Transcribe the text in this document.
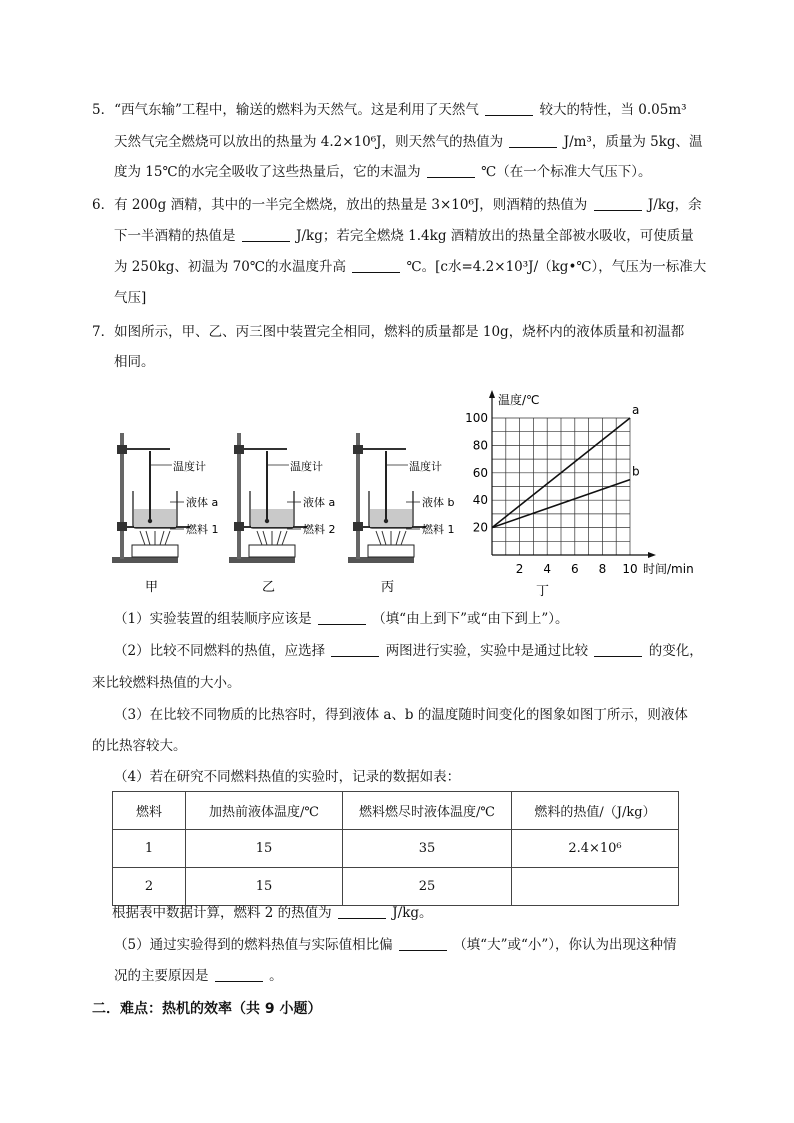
5．“西气东输”工程中，输送的燃料为天然气。这是利用了天然气	较大的特性，当 0.05m³
天然气完全燃烧可以放出的热量为 4.2×10⁶J，则天然气的热值为	J/m³，质量为 5kg、温
度为 15℃的水完全吸收了这些热量后，它的末温为	℃（在一个标准大气压下）。
6．有 200g 酒精，其中的一半完全燃烧，放出的热量是 3×10⁶J，则酒精的热值为	J/kg，余
下一半酒精的热值是	J/kg；若完全燃烧 1.4kg 酒精放出的热量全部被水吸收，可使质量
为 250kg、初温为 70℃的水温度升高	℃。[c水=4.2×10³J/（kg•℃），气压为一标准大
气压]
7．如图所示，甲、乙、丙三图中装置完全相同，燃料的质量都是 10g，烧杯内的液体质量和初温都
相同。
温度计
液体 a
燃料 1
甲
温度计
液体 a
燃料 2
乙
温度计
液体 b
燃料 1
丙
2 4 6 8 10
20
40
60
80
100
a
b
温度/℃
时间/min
丁
（1）实验装置的组装顺序应该是	（填“由上到下”或“由下到上”）。
（2）比较不同燃料的热值，应选择	两图进行实验，实验中是通过比较	的变化，
来比较燃料热值的大小。
（3）在比较不同物质的比热容时，得到液体 a、b 的温度随时间变化的图象如图丁所示，则液体
的比热容较大。
（4）若在研究不同燃料热值的实验时，记录的数据如表：
燃料	加热前液体温度/℃	燃料燃尽时液体温度/℃	燃料的热值/（J/kg）
1	15	35	2.4×10⁶
2	15	25	
根据表中数据计算，燃料 2 的热值为	J/kg。
（5）通过实验得到的燃料热值与实际值相比偏	（填“大”或“小”），你认为出现这种情
况的主要原因是	。
二．难点：热机的效率（共 9 小题）
